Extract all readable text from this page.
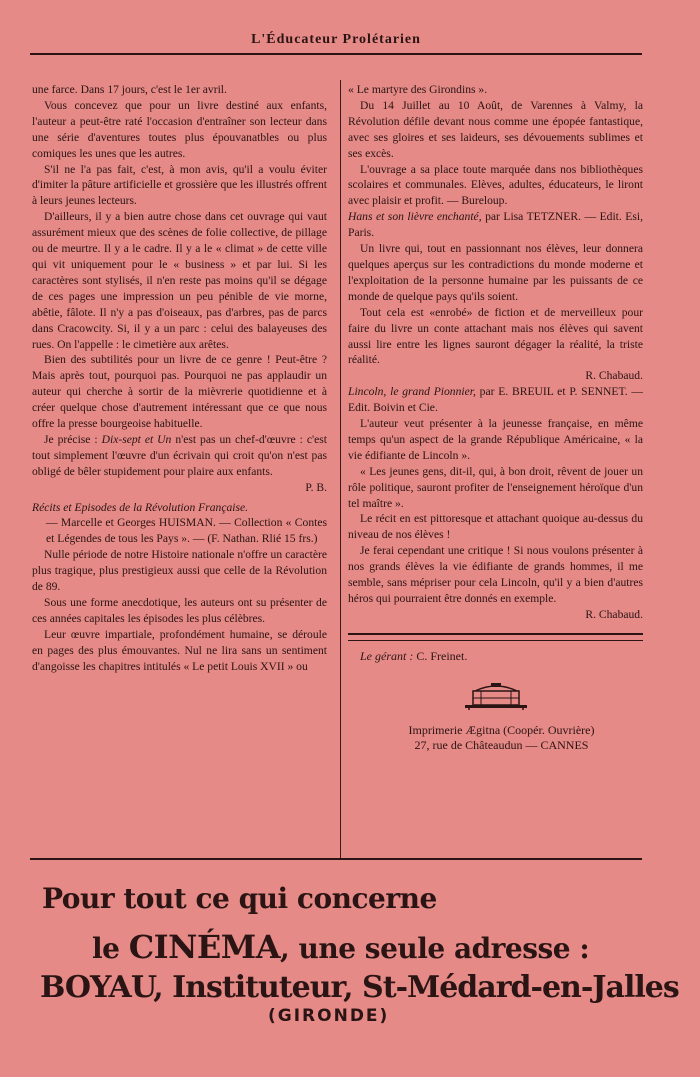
L'Éducateur Prolétarien

une farce. Dans 17 jours, c'est le 1er avril.

Vous concevez que pour un livre destiné aux enfants, l'auteur a peut-être raté l'occasion d'entraîner son lecteur dans une série d'aventures toutes plus épouvanatbles ou plus comiques les unes que les autres.

S'il ne l'a pas fait, c'est, à mon avis, qu'il a voulu éviter d'imiter la pâture artificielle et grossière que les illustrés offrent à leurs jeunes lecteurs.

D'ailleurs, il y a bien autre chose dans cet ouvrage qui vaut assurément mieux que des scènes de folie collective, de pillage ou de meurtre. Il y a le cadre. Il y a le « climat » de cette ville qui vit uniquement pour le « business » et par lui. Si les caractères sont stylisés, il n'en reste pas moins qu'il se dégage de ces pages une impression un peu pénible de vie morne, abêtie, fâlote. Il n'y a pas d'oiseaux, pas d'arbres, pas de parcs dans Cracowcity. Si, il y a un parc : celui des balayeuses des rues. On l'appelle : le cimetière aux arêtes.

Bien des subtilités pour un livre de ce genre ! Peut-être ? Mais après tout, pourquoi pas. Pourquoi ne pas applaudir un auteur qui cherche à sortir de la mièvrerie quotidienne et à créer quelque chose d'autrement intéressant que ce que nous offre la presse bourgeoise habituelle.

Je précise : Dix-sept et Un n'est pas un chef-d'œuvre : c'est tout simplement l'œuvre d'un écrivain qui croit qu'on n'est pas obligé de bêler stupidement pour plaire aux enfants.

P. B.

Récits et Episodes de la Révolution Française.

— Marcelle et Georges HUISMAN. — Collection « Contes et Légendes de tous les Pays ». — (F. Nathan. Rlié 15 frs.)

Nulle période de notre Histoire nationale n'offre un caractère plus tragique, plus prestigieux aussi que celle de la Révolution de 89.

Sous une forme anecdotique, les auteurs ont su présenter de ces années capitales les épisodes les plus célèbres.

Leur œuvre impartiale, profondément humaine, se déroule en pages des plus émouvantes. Nul ne lira sans un sentiment d'angoisse les chapitres intitulés « Le petit Louis XVII » ou

« Le martyre des Girondins ».

Du 14 Juillet au 10 Août, de Varennes à Valmy, la Révolution défile devant nous comme une épopée fantastique, avec ses gloires et ses laideurs, ses dévouements sublimes et ses excès.

L'ouvrage a sa place toute marquée dans nos bibliothèques scolaires et communales. Elèves, adultes, éducateurs, le liront avec plaisir et profit. — Bureloup.

Hans et son lièvre enchanté, par Lisa TETZNER. — Edit. Esi, Paris.

Un livre qui, tout en passionnant nos élèves, leur donnera quelques aperçus sur les contradictions du monde moderne et l'exploitation de la personne humaine par les puissants de ce monde de quelque pays qu'ils soient.

Tout cela est «enrobé» de fiction et de merveilleux pour faire du livre un conte attachant mais nos élèves qui savent aussi lire entre les lignes sauront dégager la réalité, la triste réalité.

R. Chabaud.

Lincoln, le grand Pionnier, par E. BREUIL et P. SENNET. — Edit. Boivin et Cie.

L'auteur veut présenter à la jeunesse française, en même temps qu'un aspect de la grande République Américaine, « la vie édifiante de Lincoln ».

« Les jeunes gens, dit-il, qui, à bon droit, rêvent de jouer un rôle politique, sauront profiter de l'enseignement héroïque d'un tel maître ».

Le récit en est pittoresque et attachant quoique au-dessus du niveau de nos élèves !

Je ferai cependant une critique ! Si nous voulons présenter à nos grands élèves la vie édifiante de grands hommes, il me semble, sans mépriser pour cela Lincoln, qu'il y a bien d'autres héros qui pourraient être donnés en exemple.

R. Chabaud.

Le gérant : C. Freinet.

Imprimerie Ægitna (Coopér. Ouvrière)

27, rue de Châteaudun — CANNES

Pour tout ce qui concerne
le CINÉMA, une seule adresse :
BOYAU, Instituteur, St-Médard-en-Jalles
(GIRONDE)
